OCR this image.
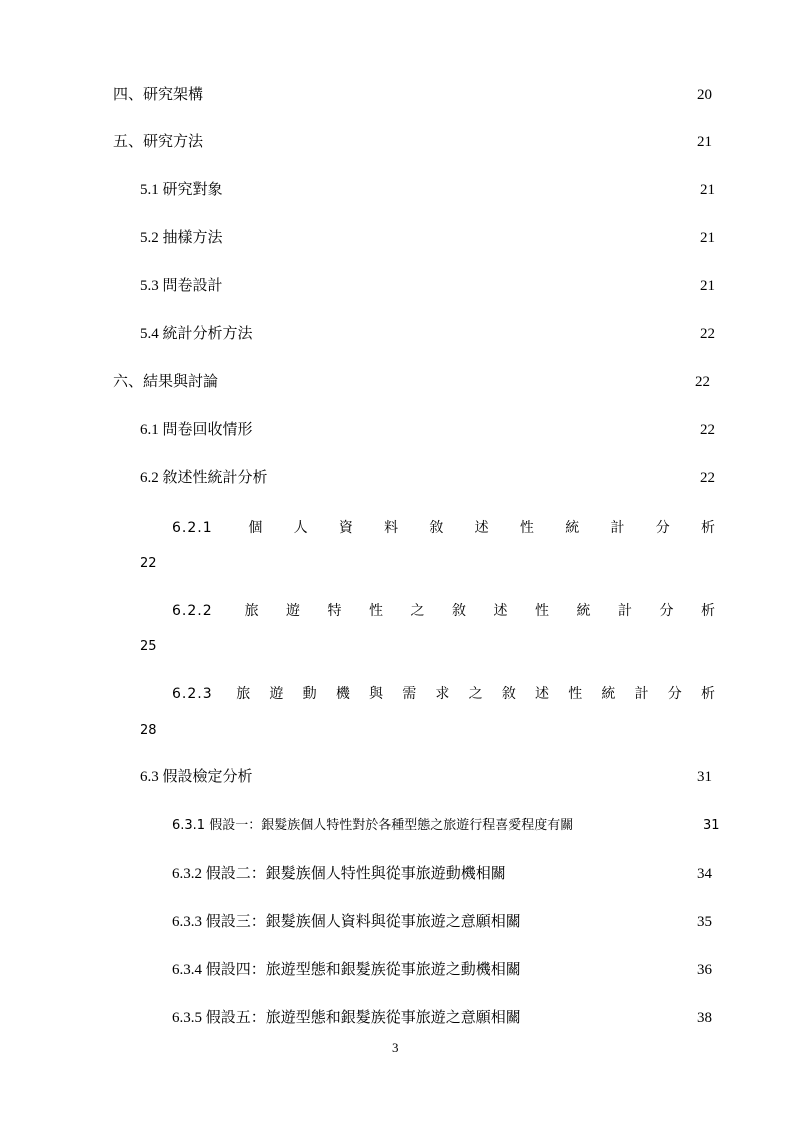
四、研究架構	20
五、研究方法	21
5.1 研究對象	21
5.2 抽樣方法	21
5.3 問卷設計	21
5.4 統計分析方法	22
六、結果與討論	22
6.1 問卷回收情形	22
6.2 敘述性統計分析	22
6.2.1 個人資料敘述性統計分析
22
6.2.2 旅遊特性之敘述性統計分析
25
6.2.3 旅遊動機與需求之敘述性統計分析
28
6.3 假設檢定分析	31
6.3.1 假設一：銀髮族個人特性對於各種型態之旅遊行程喜愛程度有關	31
6.3.2 假設二：銀髮族個人特性與從事旅遊動機相關	34
6.3.3 假設三：銀髮族個人資料與從事旅遊之意願相關	35
6.3.4 假設四：旅遊型態和銀髮族從事旅遊之動機相關	36
6.3.5 假設五：旅遊型態和銀髮族從事旅遊之意願相關	38
3
